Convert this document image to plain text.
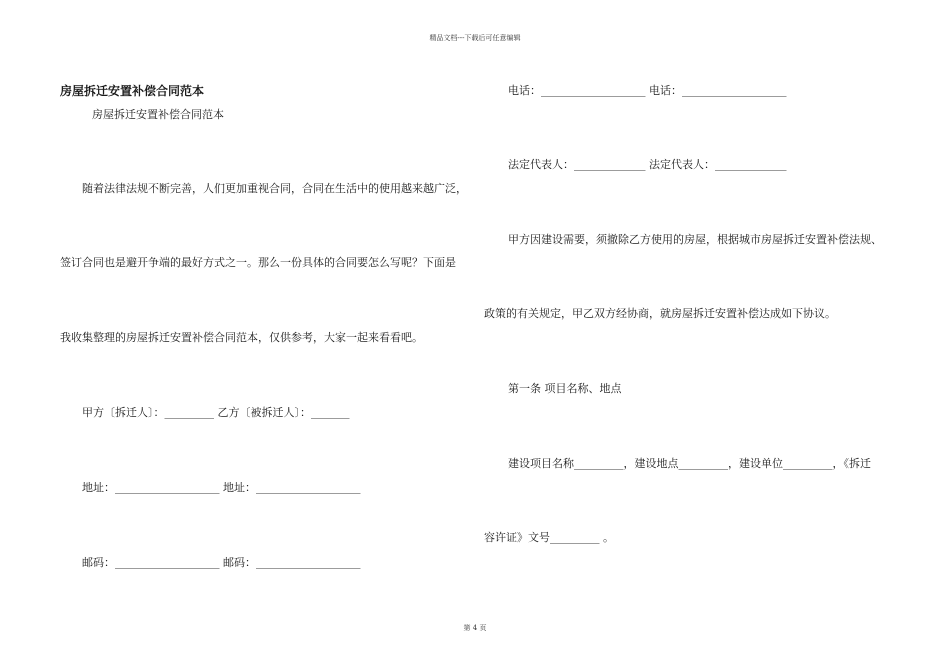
精品文档---下载后可任意编辑
房屋拆迁安置补偿合同范本
房屋拆迁安置补偿合同范本
随着法律法规不断完善，人们更加重视合同，合同在生活中的使用越来越广泛，
签订合同也是避开争端的最好方式之一。那么一份具体的合同要怎么写呢？下面是
我收集整理的房屋拆迁安置补偿合同范本，仅供参考，大家一起来看看吧。
甲方〔拆迁人〕：_________ 乙方〔被拆迁人〕：_______
地址：___________________ 地址：___________________
邮码：___________________ 邮码：___________________
电话：___________________ 电话：___________________
法定代表人：_____________ 法定代表人：_____________
甲方因建设需要，须撤除乙方使用的房屋，根据城市房屋拆迁安置补偿法规、
政策的有关规定，甲乙双方经协商，就房屋拆迁安置补偿达成如下协议。
第一条 项目名称、地点
建设项目名称_________，建设地点_________，建设单位_________，《拆迁
容许证》文号_________ 。
第 4 页
